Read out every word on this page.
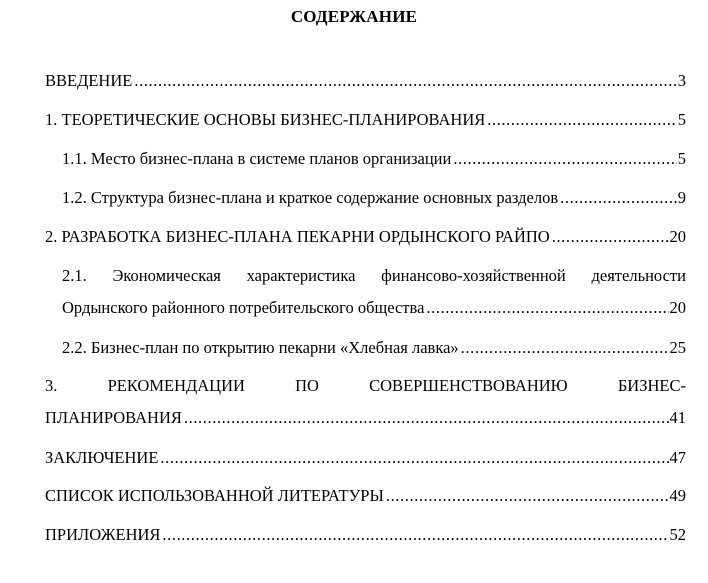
СОДЕРЖАНИЕ
ВВЕДЕНИЕ .....	3
1. ТЕОРЕТИЧЕСКИЕ ОСНОВЫ БИЗНЕС-ПЛАНИРОВАНИЯ .....	5
1.1. Место бизнес-плана в системе планов организации .....	5
1.2. Структура бизнес-плана и краткое содержание основных разделов .....	9
2. РАЗРАБОТКА БИЗНЕС-ПЛАНА ПЕКАРНИ ОРДЫНСКОГО РАЙПО .....	20
2.1. Экономическая характеристика финансово-хозяйственной деятельности
Ордынского районного потребительского общества .....	20
2.2. Бизнес-план по открытию пекарни «Хлебная лавка» .....	25
3.	РЕКОМЕНДАЦИИ	ПО	СОВЕРШЕНСТВОВАНИЮ	БИЗНЕС-
ПЛАНИРОВАНИЯ .....	41
ЗАКЛЮЧЕНИЕ .....	47
СПИСОК ИСПОЛЬЗОВАННОЙ ЛИТЕРАТУРЫ .....	49
ПРИЛОЖЕНИЯ .....	52
